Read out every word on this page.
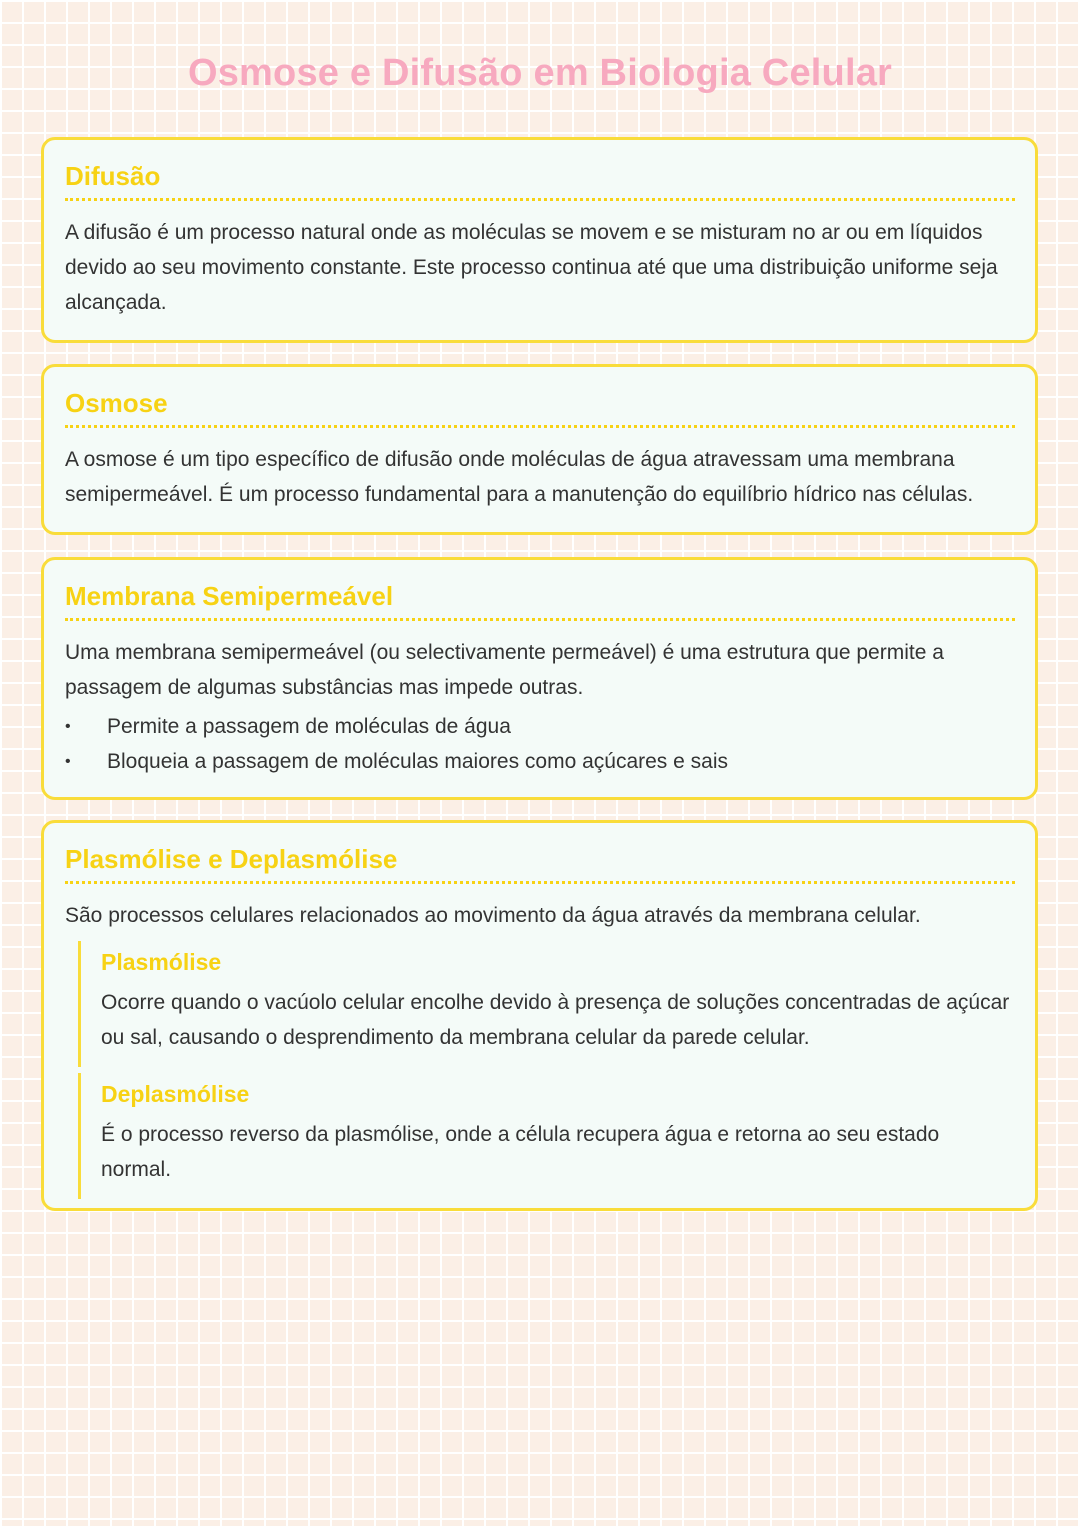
Osmose e Difusão em Biologia Celular
Difusão

A difusão é um processo natural onde as moléculas se movem e se misturam no ar ou em líquidos devido ao seu movimento constante. Este processo continua até que uma distribuição uniforme seja alcançada.

Osmose

A osmose é um tipo específico de difusão onde moléculas de água atravessam uma membrana semipermeável. É um processo fundamental para a manutenção do equilíbrio hídrico nas células.

Membrana Semipermeável

Uma membrana semipermeável (ou selectivamente permeável) é uma estrutura que permite a passagem de algumas substâncias mas impede outras.

• Permite a passagem de moléculas de água
• Bloqueia a passagem de moléculas maiores como açúcares e sais
Plasmólise e Deplasmólise

São processos celulares relacionados ao movimento da água através da membrana celular.

Plasmólise

Ocorre quando o vacúolo celular encolhe devido à presença de soluções concentradas de açúcar ou sal, causando o desprendimento da membrana celular da parede celular.

Deplasmólise

É o processo reverso da plasmólise, onde a célula recupera água e retorna ao seu estado normal.
